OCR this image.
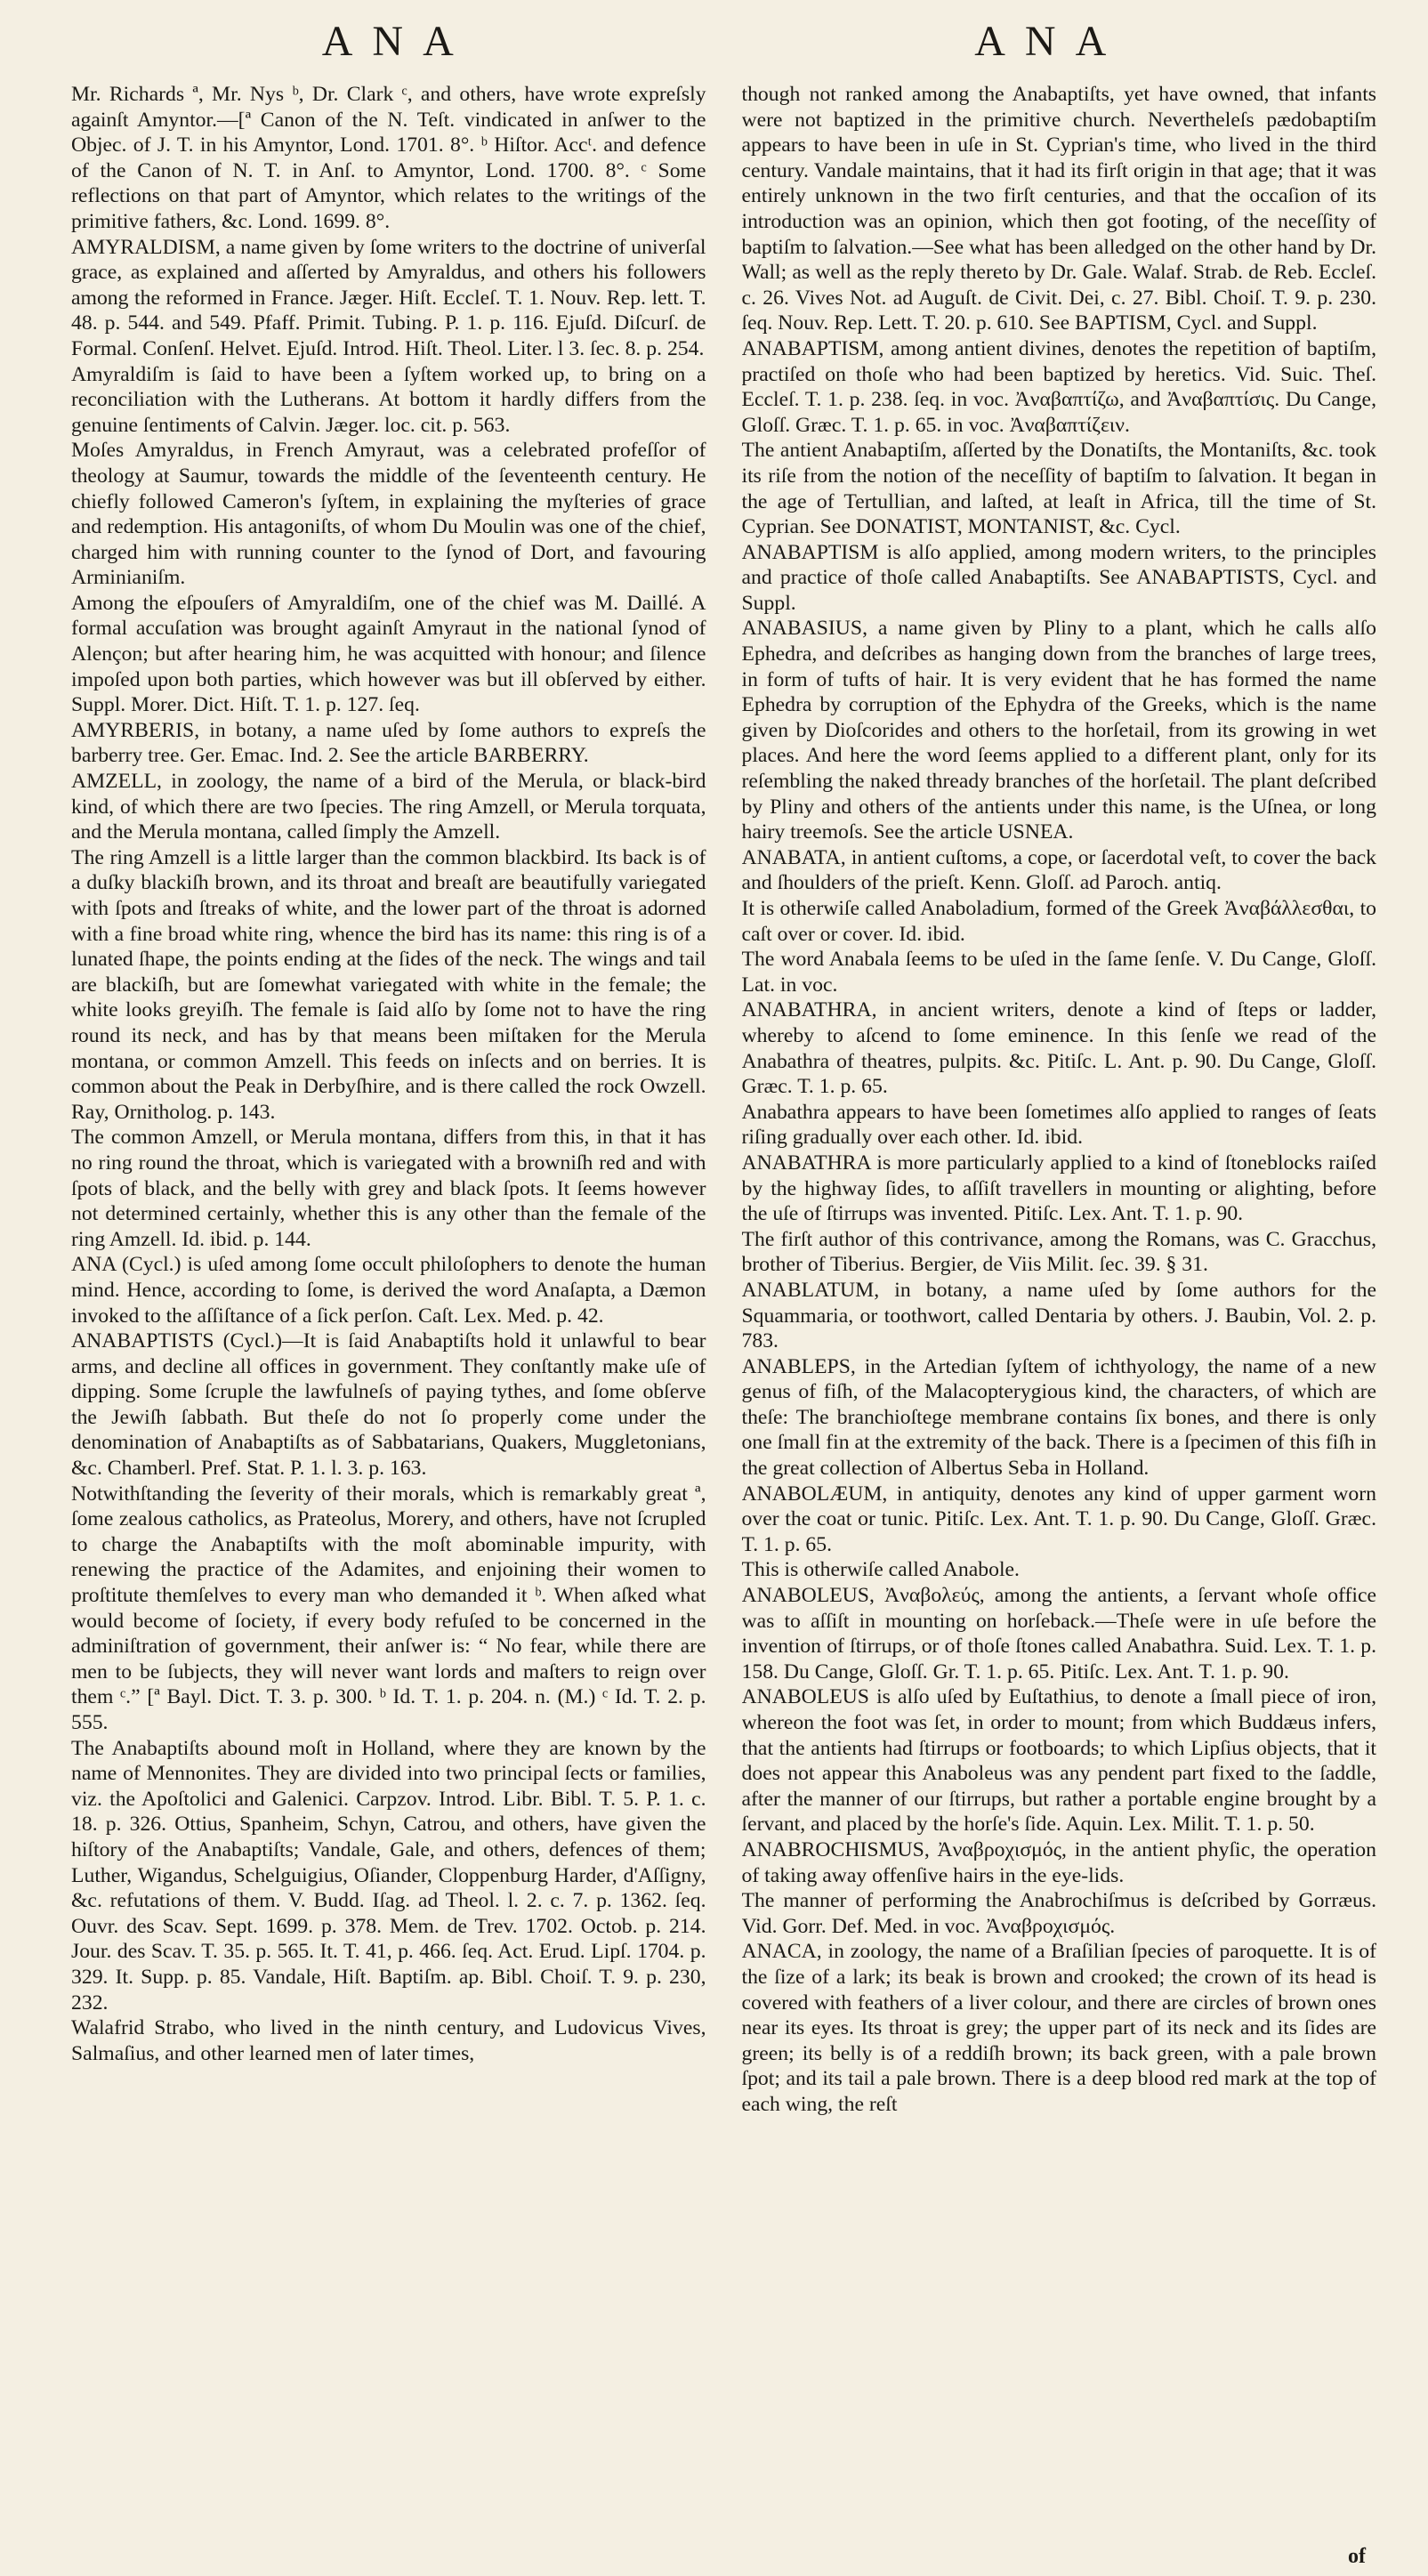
ANA	ANA

Mr. Richards ª, Mr. Nys ᵇ, Dr. Clark ᶜ, and others, have wrote expreſsly againſt Amyntor.—[ª Canon of the N. Teſt. vindicated in anſwer to the Objec. of J. T. in his Amyntor, Lond. 1701. 8°. ᵇ Hiſtor. Accᵗ. and defence of the Canon of N. T. in Anſ. to Amyntor, Lond. 1700. 8°. ᶜ Some reflections on that part of Amyntor, which relates to the writings of the primitive fathers, &c. Lond. 1699. 8°.

AMYRALDISM, a name given by ſome writers to the doctrine of univerſal grace, as explained and aſſerted by Amyraldus, and others his followers among the reformed in France. Jæger. Hiſt. Eccleſ. T. 1. Nouv. Rep. lett. T. 48. p. 544. and 549. Pfaff. Primit. Tubing. P. 1. p. 116. Ejuſd. Diſcurſ. de Formal. Conſenſ. Helvet. Ejuſd. Introd. Hiſt. Theol. Liter. l 3. ſec. 8. p. 254.

Amyraldiſm is ſaid to have been a ſyſtem worked up, to bring on a reconciliation with the Lutherans. At bottom it hardly differs from the genuine ſentiments of Calvin. Jæger. loc. cit. p. 563.

Moſes Amyraldus, in French Amyraut, was a celebrated profeſſor of theology at Saumur, towards the middle of the ſeventeenth century. He chiefly followed Cameron's ſyſtem, in explaining the myſteries of grace and redemption. His antagoniſts, of whom Du Moulin was one of the chief, charged him with running counter to the ſynod of Dort, and favouring Arminianiſm.

Among the eſpouſers of Amyraldiſm, one of the chief was M. Daillé. A formal accuſation was brought againſt Amyraut in the national ſynod of Alençon; but after hearing him, he was acquitted with honour; and ſilence impoſed upon both parties, which however was but ill obſerved by either. Suppl. Morer. Dict. Hiſt. T. 1. p. 127. ſeq.

AMYRBERIS, in botany, a name uſed by ſome authors to expreſs the barberry tree. Ger. Emac. Ind. 2. See the article BARBERRY.

AMZELL, in zoology, the name of a bird of the Merula, or black-bird kind, of which there are two ſpecies. The ring Amzell, or Merula torquata, and the Merula montana, called ſimply the Amzell.

The ring Amzell is a little larger than the common blackbird. Its back is of a duſky blackiſh brown, and its throat and breaſt are beautifully variegated with ſpots and ſtreaks of white, and the lower part of the throat is adorned with a fine broad white ring, whence the bird has its name: this ring is of a lunated ſhape, the points ending at the ſides of the neck. The wings and tail are blackiſh, but are ſomewhat variegated with white in the female; the white looks greyiſh. The female is ſaid alſo by ſome not to have the ring round its neck, and has by that means been miſtaken for the Merula montana, or common Amzell. This feeds on inſects and on berries. It is common about the Peak in Derbyſhire, and is there called the rock Owzell. Ray, Ornitholog. p. 143.

The common Amzell, or Merula montana, differs from this, in that it has no ring round the throat, which is variegated with a browniſh red and with ſpots of black, and the belly with grey and black ſpots. It ſeems however not determined certainly, whether this is any other than the female of the ring Amzell. Id. ibid. p. 144.

ANA (Cycl.) is uſed among ſome occult philoſophers to denote the human mind. Hence, according to ſome, is derived the word Anaſapta, a Dæmon invoked to the aſſiſtance of a ſick perſon. Caſt. Lex. Med. p. 42.

ANABAPTISTS (Cycl.)—It is ſaid Anabaptiſts hold it unlawful to bear arms, and decline all offices in government. They conſtantly make uſe of dipping. Some ſcruple the lawfulneſs of paying tythes, and ſome obſerve the Jewiſh ſabbath. But theſe do not ſo properly come under the denomination of Anabaptiſts as of Sabbatarians, Quakers, Muggletonians, &c. Chamberl. Pref. Stat. P. 1. l. 3. p. 163.

Notwithſtanding the ſeverity of their morals, which is remarkably great ª, ſome zealous catholics, as Prateolus, Morery, and others, have not ſcrupled to charge the Anabaptiſts with the moſt abominable impurity, with renewing the practice of the Adamites, and enjoining their women to proſtitute themſelves to every man who demanded it ᵇ. When aſked what would become of ſociety, if every body refuſed to be concerned in the adminiſtration of government, their anſwer is: “ No fear, while there are men to be ſubjects, they will never want lords and maſters to reign over them ᶜ.” [ª Bayl. Dict. T. 3. p. 300. ᵇ Id. T. 1. p. 204. n. (M.) ᶜ Id. T. 2. p. 555.

The Anabaptiſts abound moſt in Holland, where they are known by the name of Mennonites. They are divided into two principal ſects or families, viz. the Apoſtolici and Galenici. Carpzov. Introd. Libr. Bibl. T. 5. P. 1. c. 18. p. 326. Ottius, Spanheim, Schyn, Catrou, and others, have given the hiſtory of the Anabaptiſts; Vandale, Gale, and others, defences of them; Luther, Wigandus, Schelguigius, Oſiander, Cloppenburg Harder, d'Aſſigny, &c. refutations of them. V. Budd. Iſag. ad Theol. l. 2. c. 7. p. 1362. ſeq. Ouvr. des Scav. Sept. 1699. p. 378. Mem. de Trev. 1702. Octob. p. 214. Jour. des Scav. T. 35. p. 565. It. T. 41, p. 466. ſeq. Act. Erud. Lipſ. 1704. p. 329. It. Supp. p. 85. Vandale, Hiſt. Baptiſm. ap. Bibl. Choiſ. T. 9. p. 230, 232.

Walafrid Strabo, who lived in the ninth century, and Ludovicus Vives, Salmaſius, and other learned men of later times,

though not ranked among the Anabaptiſts, yet have owned, that infants were not baptized in the primitive church. Nevertheleſs pædobaptiſm appears to have been in uſe in St. Cyprian's time, who lived in the third century. Vandale maintains, that it had its firſt origin in that age; that it was entirely unknown in the two firſt centuries, and that the occaſion of its introduction was an opinion, which then got footing, of the neceſſity of baptiſm to ſalvation.—See what has been alledged on the other hand by Dr. Wall; as well as the reply thereto by Dr. Gale. Walaf. Strab. de Reb. Eccleſ. c. 26. Vives Not. ad Auguſt. de Civit. Dei, c. 27. Bibl. Choiſ. T. 9. p. 230. ſeq. Nouv. Rep. Lett. T. 20. p. 610. See BAPTISM, Cycl. and Suppl.

ANABAPTISM, among antient divines, denotes the repetition of baptiſm, practiſed on thoſe who had been baptized by heretics. Vid. Suic. Theſ. Eccleſ. T. 1. p. 238. ſeq. in voc. Ἀναβαπτίζω, and Ἀναβαπτίσις. Du Cange, Gloſſ. Græc. T. 1. p. 65. in voc. Ἀναβαπτίζειν.

The antient Anabaptiſm, aſſerted by the Donatiſts, the Montaniſts, &c. took its riſe from the notion of the neceſſity of baptiſm to ſalvation. It began in the age of Tertullian, and laſted, at leaſt in Africa, till the time of St. Cyprian. See DONATIST, MONTANIST, &c. Cycl.

ANABAPTISM is alſo applied, among modern writers, to the principles and practice of thoſe called Anabaptiſts. See ANABAPTISTS, Cycl. and Suppl.

ANABASIUS, a name given by Pliny to a plant, which he calls alſo Ephedra, and deſcribes as hanging down from the branches of large trees, in form of tufts of hair. It is very evident that he has formed the name Ephedra by corruption of the Ephydra of the Greeks, which is the name given by Dioſcorides and others to the horſetail, from its growing in wet places. And here the word ſeems applied to a different plant, only for its reſembling the naked thready branches of the horſetail. The plant deſcribed by Pliny and others of the antients under this name, is the Uſnea, or long hairy treemoſs. See the article USNEA.

ANABATA, in antient cuſtoms, a cope, or ſacerdotal veſt, to cover the back and ſhoulders of the prieſt. Kenn. Gloſſ. ad Paroch. antiq.

It is otherwiſe called Anaboladium, formed of the Greek Ἀναβάλλεσθαι, to caſt over or cover. Id. ibid.

The word Anabala ſeems to be uſed in the ſame ſenſe. V. Du Cange, Gloſſ. Lat. in voc.

ANABATHRA, in ancient writers, denote a kind of ſteps or ladder, whereby to aſcend to ſome eminence. In this ſenſe we read of the Anabathra of theatres, pulpits. &c. Pitiſc. L. Ant. p. 90. Du Cange, Gloſſ. Græc. T. 1. p. 65.

Anabathra appears to have been ſometimes alſo applied to ranges of ſeats riſing gradually over each other. Id. ibid.

ANABATHRA is more particularly applied to a kind of ſtoneblocks raiſed by the highway ſides, to aſſiſt travellers in mounting or alighting, before the uſe of ſtirrups was invented. Pitiſc. Lex. Ant. T. 1. p. 90.

The firſt author of this contrivance, among the Romans, was C. Gracchus, brother of Tiberius. Bergier, de Viis Milit. ſec. 39. § 31.

ANABLATUM, in botany, a name uſed by ſome authors for the Squammaria, or toothwort, called Dentaria by others. J. Baubin, Vol. 2. p. 783.

ANABLEPS, in the Artedian ſyſtem of ichthyology, the name of a new genus of fiſh, of the Malacopterygious kind, the characters, of which are theſe: The branchioſtege membrane contains ſix bones, and there is only one ſmall fin at the extremity of the back. There is a ſpecimen of this fiſh in the great collection of Albertus Seba in Holland.

ANABOLÆUM, in antiquity, denotes any kind of upper garment worn over the coat or tunic. Pitiſc. Lex. Ant. T. 1. p. 90. Du Cange, Gloſſ. Græc. T. 1. p. 65.

This is otherwiſe called Anabole.

ANABOLEUS, Ἀναβολεύς, among the antients, a ſervant whoſe office was to aſſiſt in mounting on horſeback.—Theſe were in uſe before the invention of ſtirrups, or of thoſe ſtones called Anabathra. Suid. Lex. T. 1. p. 158. Du Cange, Gloſſ. Gr. T. 1. p. 65. Pitiſc. Lex. Ant. T. 1. p. 90.

ANABOLEUS is alſo uſed by Euſtathius, to denote a ſmall piece of iron, whereon the foot was ſet, in order to mount; from which Buddæus infers, that the antients had ſtirrups or footboards; to which Lipſius objects, that it does not appear this Anaboleus was any pendent part fixed to the ſaddle, after the manner of our ſtirrups, but rather a portable engine brought by a ſervant, and placed by the horſe's ſide. Aquin. Lex. Milit. T. 1. p. 50.

ANABROCHISMUS, Ἀναβροχισμός, in the antient phyſic, the operation of taking away offenſive hairs in the eye-lids.

The manner of performing the Anabrochiſmus is deſcribed by Gorræus. Vid. Gorr. Def. Med. in voc. Ἀναβροχισμός.

ANACA, in zoology, the name of a Braſilian ſpecies of paroquette. It is of the ſize of a lark; its beak is brown and crooked; the crown of its head is covered with feathers of a liver colour, and there are circles of brown ones near its eyes. Its throat is grey; the upper part of its neck and its ſides are green; its belly is of a reddiſh brown; its back green, with a pale brown ſpot; and its tail a pale brown. There is a deep blood red mark at the top of each wing, the reſt

of
